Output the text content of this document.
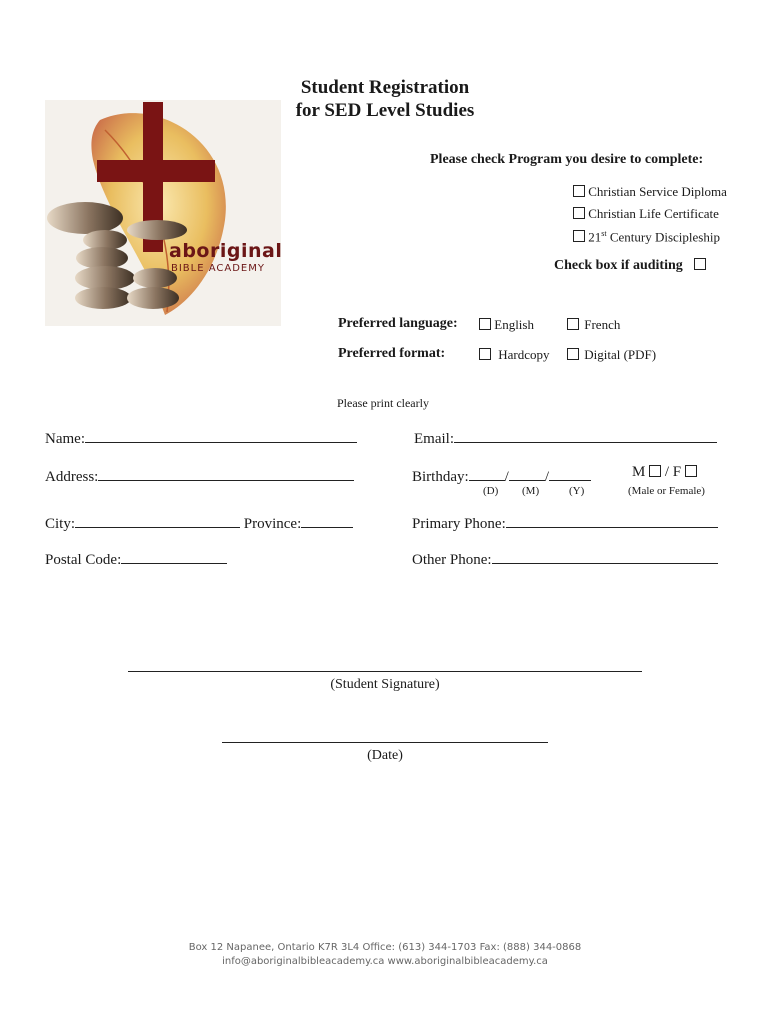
aboriginal
BIBLE ACADEMY
Student Registration
for SED Level Studies
Please check Program you desire to complete:
Christian Service Diploma
Christian Life Certificate
21st Century Discipleship
Check box if auditing
Preferred language:	English	French
Preferred format:	Hardcopy	Digital (PDF)
Please print clearly
Name:	Email:
Address:	Birthday: / /
(D) (M)	(Y)
M / F
(Male or Female)
City:	Province:	Primary Phone:
Postal Code:	Other Phone:
(Student Signature)
(Date)
Box 12 Napanee, Ontario K7R 3L4 Office: (613) 344-1703 Fax: (888) 344-0868
info@aboriginalbibleacademy.ca www.aboriginalbibleacademy.ca
